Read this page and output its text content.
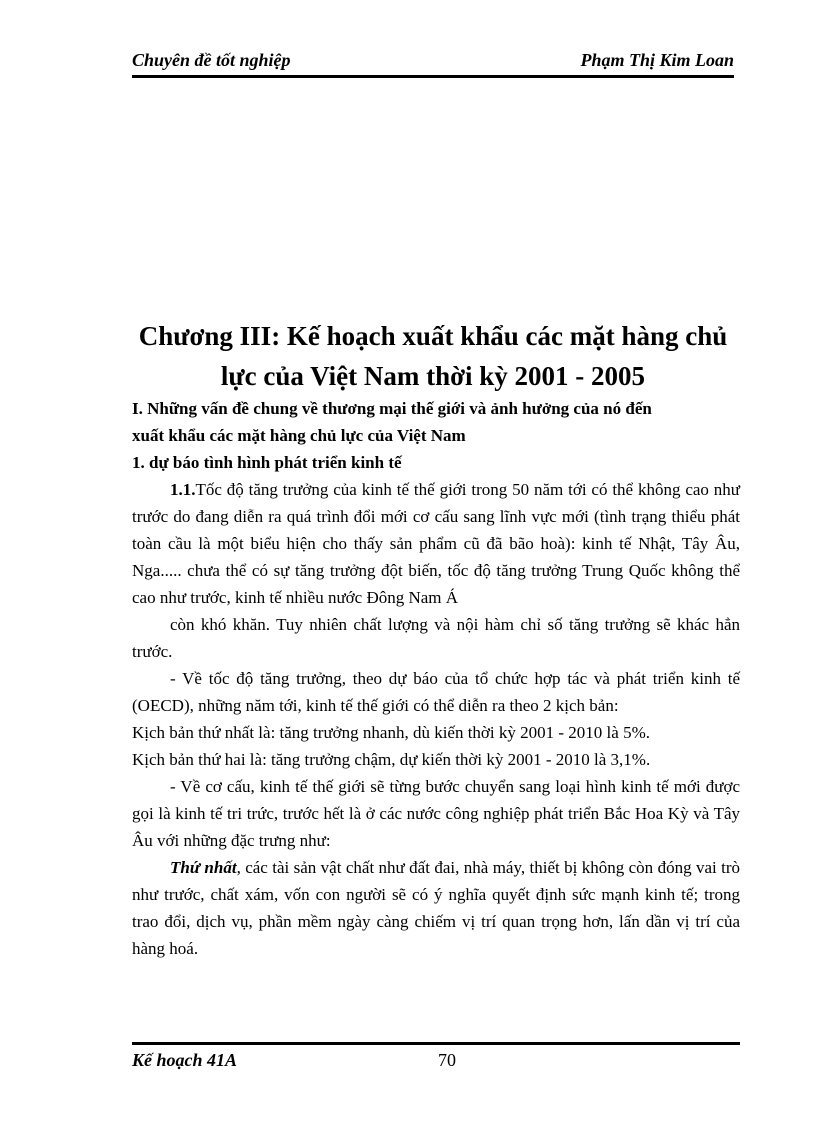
Chuyên đề tốt nghiệp	Phạm Thị Kim Loan
Chương III: Kế hoạch xuất khẩu các mặt hàng chủ
lực của Việt Nam thời kỳ 2001 - 2005
I. Những vấn đề chung về thương mại thế giới và ảnh hưởng của nó đến
xuất khẩu các mặt hàng chủ lực của Việt Nam
1. dự báo tình hình phát triển kinh tế

1.1.Tốc độ tăng trưởng của kinh tế thế giới trong 50 năm tới có thể không cao như trước do đang diễn ra quá trình đổi mới cơ cấu sang lĩnh vực mới (tình trạng thiểu phát toàn cầu là một biểu hiện cho thấy sản phẩm cũ đã bão hoà): kinh tế Nhật, Tây Âu, Nga..... chưa thể có sự tăng trưởng đột biến, tốc độ tăng trưởng Trung Quốc không thể cao như trước, kinh tế nhiều nước Đông Nam Á

còn khó khăn. Tuy nhiên chất lượng và nội hàm chỉ số tăng trưởng sẽ khác hẳn trước.

- Về tốc độ tăng trưởng, theo dự báo của tổ chức hợp tác và phát triển kinh tế (OECD), những năm tới, kinh tế thế giới có thể diễn ra theo 2 kịch bản:

Kịch bản thứ nhất là: tăng trưởng nhanh, dù kiến thời kỳ 2001 - 2010 là 5%.

Kịch bản thứ hai là: tăng trưởng chậm, dự kiến thời kỳ 2001 - 2010 là 3,1%.

- Về cơ cấu, kinh tế thế giới sẽ từng bước chuyển sang loại hình kinh tế mới được gọi là kinh tế tri trức, trước hết là ở các nước công nghiệp phát triển Bắc Hoa Kỳ và Tây Âu với những đặc trưng như:

Thứ nhất, các tài sản vật chất như đất đai, nhà máy, thiết bị không còn đóng vai trò như trước, chất xám, vốn con người sẽ có ý nghĩa quyết định sức mạnh kinh tế; trong trao đổi, dịch vụ, phần mềm ngày càng chiếm vị trí quan trọng hơn, lấn dần vị trí của hàng hoá.

Kế hoạch 41A	70
